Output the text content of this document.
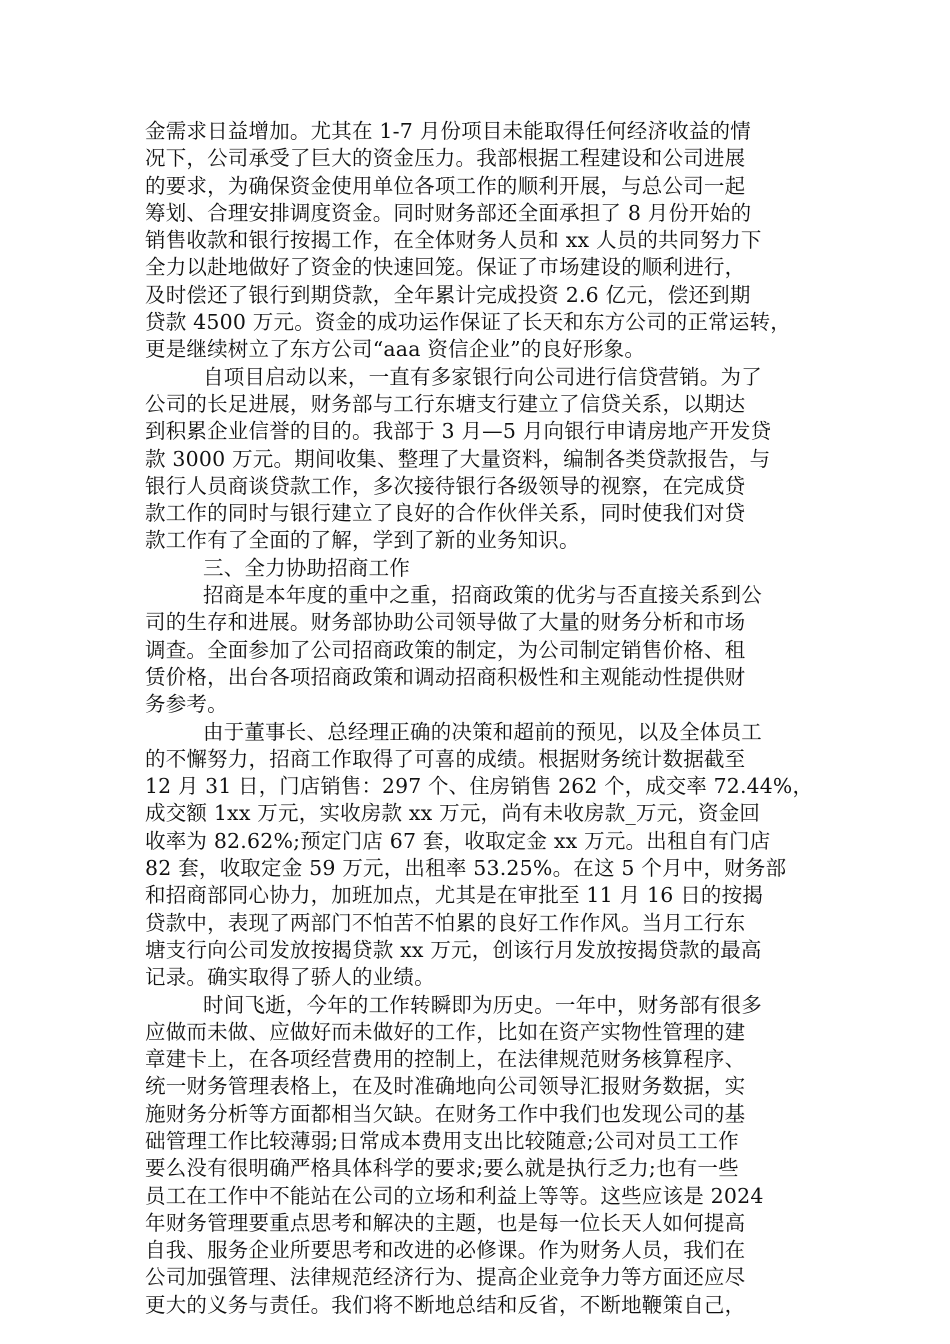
金需求日益增加。尤其在 1-7 月份项目未能取得任何经济收益的情
况下，公司承受了巨大的资金压力。我部根据工程建设和公司进展
的要求，为确保资金使用单位各项工作的顺利开展，与总公司一起
筹划、合理安排调度资金。同时财务部还全面承担了 8 月份开始的
销售收款和银行按揭工作，在全体财务人员和 xx 人员的共同努力下
全力以赴地做好了资金的快速回笼。保证了市场建设的顺利进行，
及时偿还了银行到期贷款，全年累计完成投资 2.6 亿元，偿还到期
贷款 4500 万元。资金的成功运作保证了长天和东方公司的正常运转，
更是继续树立了东方公司“aaa 资信企业”的良好形象。
自项目启动以来，一直有多家银行向公司进行信贷营销。为了
公司的长足进展，财务部与工行东塘支行建立了信贷关系，以期达
到积累企业信誉的目的。我部于 3 月—5 月向银行申请房地产开发贷
款 3000 万元。期间收集、整理了大量资料，编制各类贷款报告，与
银行人员商谈贷款工作，多次接待银行各级领导的视察，在完成贷
款工作的同时与银行建立了良好的合作伙伴关系，同时使我们对贷
款工作有了全面的了解，学到了新的业务知识。
三、全力协助招商工作
招商是本年度的重中之重，招商政策的优劣与否直接关系到公
司的生存和进展。财务部协助公司领导做了大量的财务分析和市场
调查。全面参加了公司招商政策的制定，为公司制定销售价格、租
赁价格，出台各项招商政策和调动招商积极性和主观能动性提供财
务参考。
由于董事长、总经理正确的决策和超前的预见，以及全体员工
的不懈努力，招商工作取得了可喜的成绩。根据财务统计数据截至
12 月 31 日，门店销售：297 个、住房销售 262 个，成交率 72.44%，
成交额 1xx 万元，实收房款 xx 万元，尚有未收房款_万元，资金回
收率为 82.62%;预定门店 67 套，收取定金 xx 万元。出租自有门店
82 套，收取定金 59 万元，出租率 53.25%。在这 5 个月中，财务部
和招商部同心协力，加班加点，尤其是在审批至 11 月 16 日的按揭
贷款中，表现了两部门不怕苦不怕累的良好工作作风。当月工行东
塘支行向公司发放按揭贷款 xx 万元，创该行月发放按揭贷款的最高
记录。确实取得了骄人的业绩。
时间飞逝，今年的工作转瞬即为历史。一年中，财务部有很多
应做而未做、应做好而未做好的工作，比如在资产实物性管理的建
章建卡上，在各项经营费用的控制上，在法律规范财务核算程序、
统一财务管理表格上，在及时准确地向公司领导汇报财务数据，实
施财务分析等方面都相当欠缺。在财务工作中我们也发现公司的基
础管理工作比较薄弱;日常成本费用支出比较随意;公司对员工工作
要么没有很明确严格具体科学的要求;要么就是执行乏力;也有一些
员工在工作中不能站在公司的立场和利益上等等。这些应该是 2024
年财务管理要重点思考和解决的主题，也是每一位长天人如何提高
自我、服务企业所要思考和改进的必修课。作为财务人员，我们在
公司加强管理、法律规范经济行为、提高企业竞争力等方面还应尽
更大的义务与责任。我们将不断地总结和反省，不断地鞭策自己，
